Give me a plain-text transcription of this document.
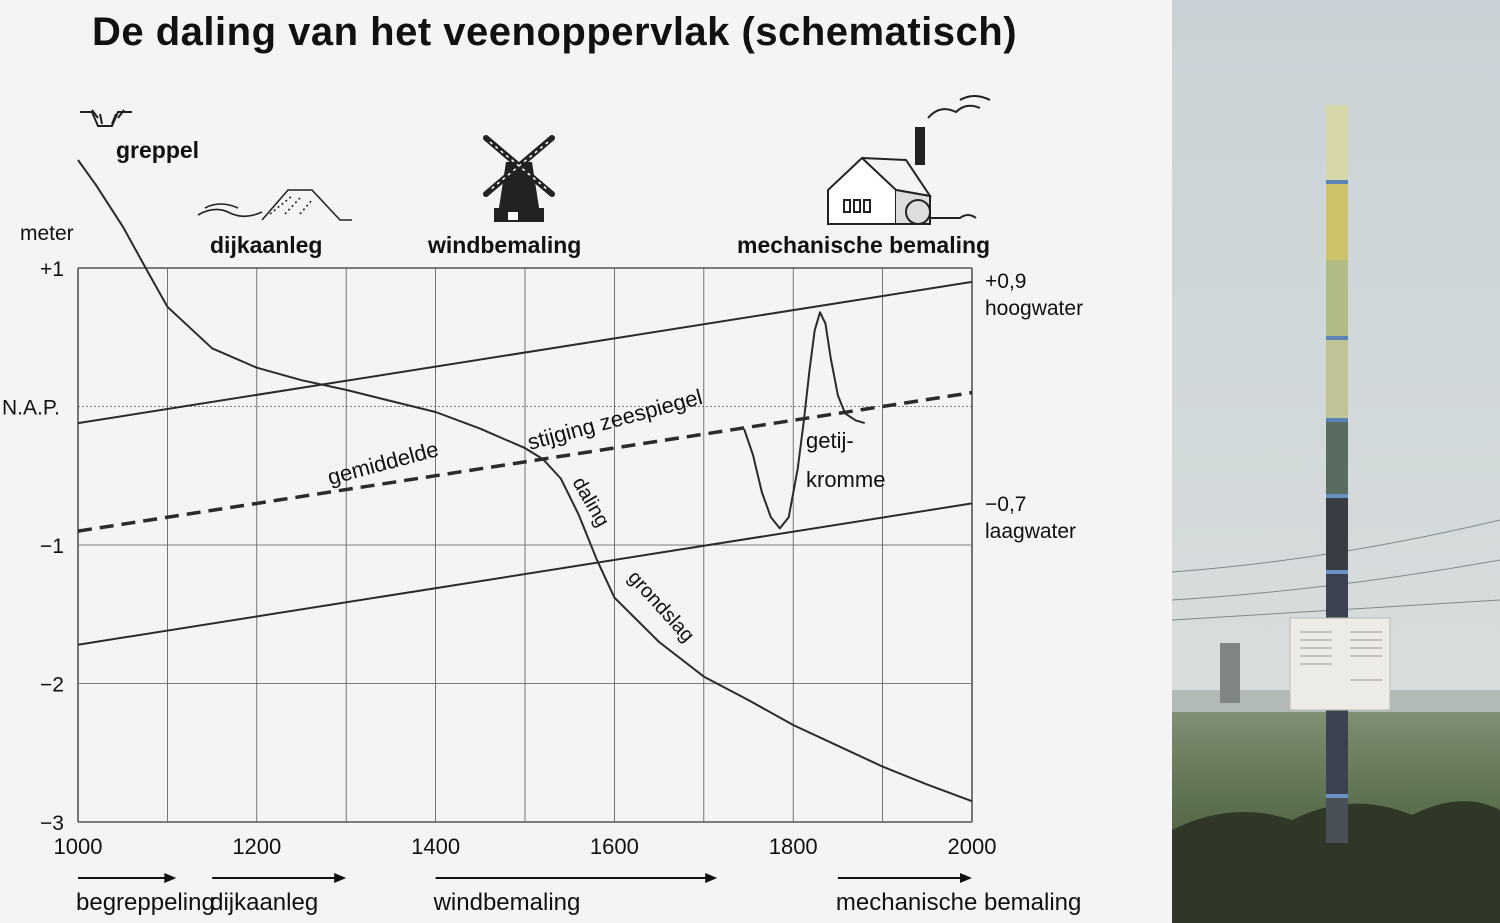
De daling van het veenoppervlak (schematisch)
meter
greppel
dijkaanleg	windbemaling	mechanische bemaling
+0,9
hoogwater
−0,7
laagwater
gemiddelde
stijging zeespiegel	getij-
kromme
daling
grondslag
+1
N.A.P.
−1
−2
−3
1000	1200	1400	1600	1800	2000
begreppeling
dijkaanleg	windbemaling	mechanische bemaling
